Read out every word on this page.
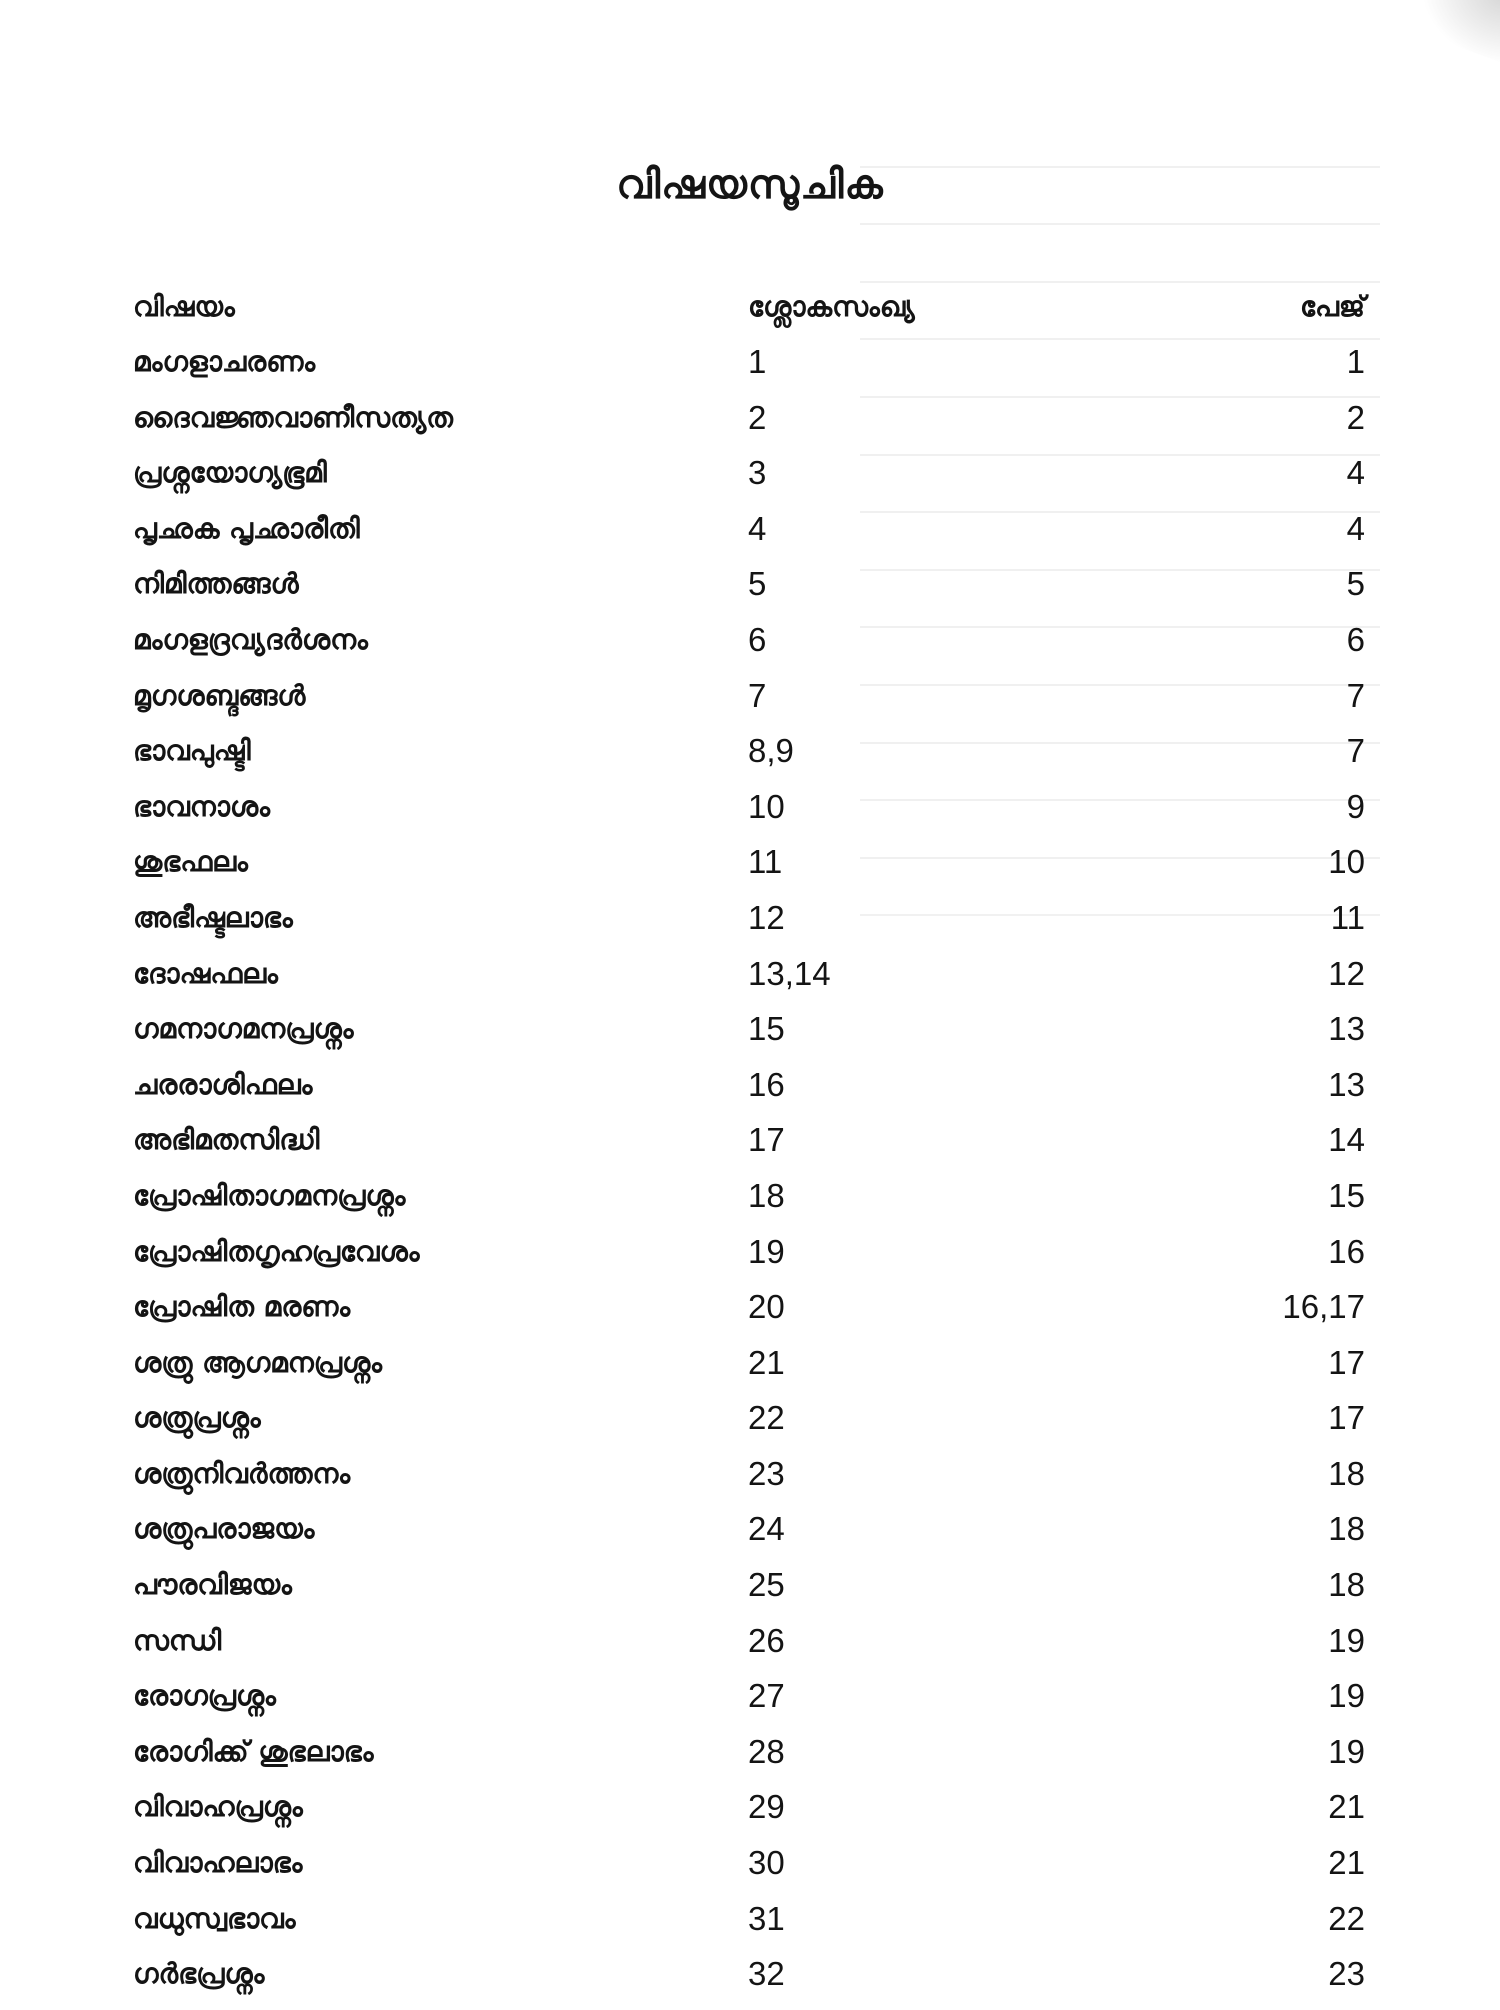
വിഷയസൂചിക
വിഷയം	ശ്ലോകസംഖ്യ	പേജ്
മംഗളാചരണം	1	1
ദൈവജ്ഞവാണീസത്യത	2	2
പ്രശ്നയോഗ്യഭൂമി	3	4
പൃഛക പൃഛാരീതി	4	4
നിമിത്തങ്ങൾ	5	5
മംഗളദ്രവ്യദർശനം	6	6
മൃഗശബ്ദങ്ങൾ	7	7
ഭാവപുഷ്ടി	8,9	7
ഭാവനാശം	10	9
ശുഭഫലം	11	10
അഭീഷ്ടലാഭം	12	11
ദോഷഫലം	13,14	12
ഗമനാഗമനപ്രശ്നം	15	13
ചരരാശിഫലം	16	13
അഭിമതസിദ്ധി	17	14
പ്രോഷിതാഗമനപ്രശ്നം	18	15
പ്രോഷിതഗൃഹപ്രവേശം	19	16
പ്രോഷിത മരണം	20	16,17
ശത്രു ആഗമനപ്രശ്നം	21	17
ശത്രുപ്രശ്നം	22	17
ശത്രുനിവർത്തനം	23	18
ശത്രുപരാജയം	24	18
പൗരവിജയം	25	18
സന്ധി	26	19
രോഗപ്രശ്നം	27	19
രോഗിക്ക് ശുഭലാഭം	28	19
വിവാഹപ്രശ്നം	29	21
വിവാഹലാഭം	30	21
വധുസ്വഭാവം	31	22
ഗർഭപ്രശ്നം	32	23
